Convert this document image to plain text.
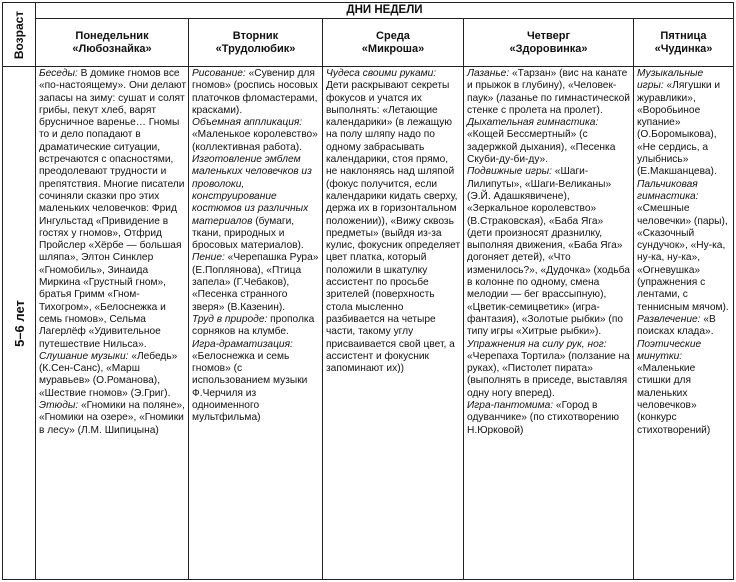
Возраст
ДНИ НЕДЕЛИ
Понедельник
«Любознайка»
Вторник
«Трудолюбик»
Среда
«Микроша»
Четверг
«Здоровинка»
Пятница
«Чудинка»
5–6 лет

Беседы: В домике гномов все «по-настоящему». Они делают запасы на зиму: сушат и солят грибы, пекут хлеб, варят брусничное варенье… Гномы то и дело попадают в драматические ситуации, встречаются с опасностями, преодолевают трудности и препятствия. Многие писатели сочиняли сказки про этих маленьких человечков: Фрид Ингульстад «Привидение в гостях у гномов», Отфрид Пройслер «Хёрбе — большая шляпа», Элтон Синклер «Гномобиль», Зинаида Миркина «Грустный гном», братья Гримм «Гном-Тихогром», «Белоснежка и семь гномов», Сельма Лагерлёф «Удивительное путешествие Нильса».

Слушание музыки: «Лебедь» (К.Сен-Санс), «Марш муравьев» (О.Романова), «Шествие гномов» (Э.Григ).

Этюды: «Гномики на поляне», «Гномики на озере», «Гномики в лесу» (Л.М. Шипицына)

Рисование: «Сувенир для гномов» (роспись носовых платочков фломастерами, красками).

Объемная аппликация: «Маленькое королевство» (коллективная работа).

Изготовление эмблем маленьких человечков из проволоки, конструирование костюмов из различных материалов (бумаги, ткани, природных и бросовых материалов).

Пение: «Черепашка Рура» (Е.Поплянова), «Птица запела» (Г.Чебаков), «Песенка странного зверя» (В.Казенин).

Труд в природе: прополка сорняков на клумбе.

Игра-драматизация: «Белоснежка и семь гномов» (с использованием музыки Ф.Черчиля из одноименного мультфильма)

Чудеса своими руками: Дети раскрывают секреты фокусов и учатся их выполнять: «Летающие календарики» (в лежащую на полу шляпу надо по одному забрасывать календарики, стоя прямо, не наклоняясь над шляпой (фокус получится, если календарики кидать сверху, держа их в горизонтальном положении)), «Вижу сквозь предметы» (выйдя из-за кулис, фокусник определяет цвет платка, который положили в шкатулку ассистент по просьбе зрителей (поверхность стола мысленно разбивается на четыре части, такому углу присваивается свой цвет, а ассистент и фокусник запоминают их))

Лазанье: «Тарзан» (вис на канате и прыжок в глубину), «Человек-паук» (лазанье по гимнастической стенке с пролета на пролет).

Дыхательная гимнастика: «Кощей Бессмертный» (с задержкой дыхания), «Песенка Скуби-ду-би-ду».

Подвижные игры: «Шаги-Лилипуты», «Шаги-Великаны» (Э.Й. Адашкявичене), «Зеркальное королевство» (В.Страковская), «Баба Яга» (дети произносят дразнилку, выполняя движения, «Баба Яга» догоняет детей), «Что изменилось?», «Дудочка» (ходьба в колонне по одному, смена мелодии — бег врассыпную), «Цветик-семицветик» (игра-фантазия), «Золотые рыбки» (по типу игры «Хитрые рыбки»).

Упражнения на силу рук, ног: «Черепаха Тортила» (ползание на руках), «Пистолет пирата» (выполнять в приседе, выставляя одну ногу вперед).

Игра-пантомима: «Город в одуванчике» (по стихотворению Н.Юрковой)

Музыкальные игры: «Лягушки и журавлики», «Воробьиное купание» (О.Боромыкова), «Не сердись, а улыбнись» (Е.Макшанцева).

Пальчиковая гимнастика: «Смешные человечки» (пары), «Сказочный сундучок», «Ну-ка, ну-ка, ну-ка», «Огневушка» (упражнения с лентами, с теннисным мячом).

Развлечение: «В поисках клада».

Поэтические минутки: «Маленькие стишки для маленьких человечков» (конкурс стихотворений)
